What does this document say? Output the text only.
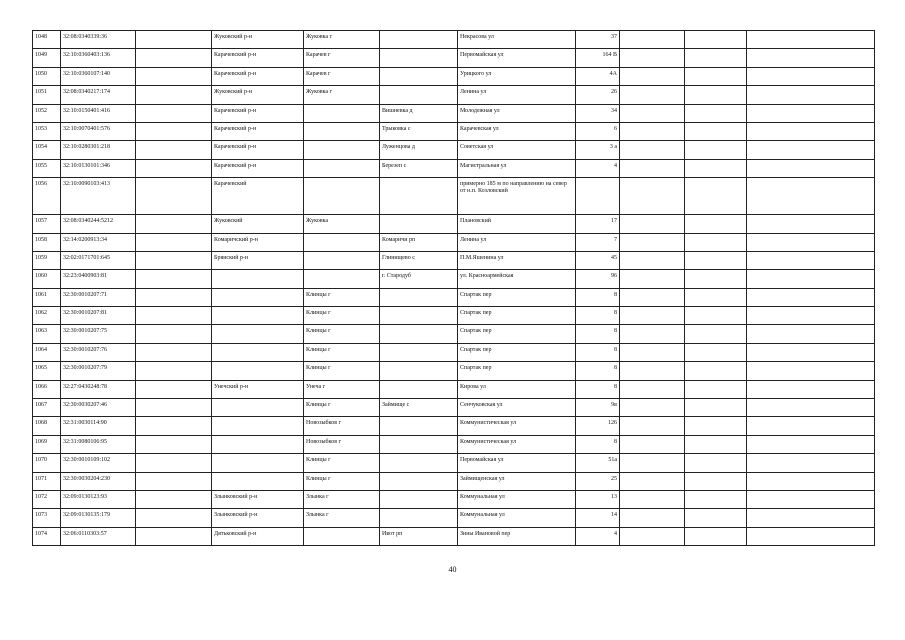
1048	32:08:0340339:36		Жуковский р-н	Жуковка г		Некрасова ул	37			
1049	32:10:0360403:136		Карачевский р-н	Карачев г		Первомайская ул	164 В			
1050	32:10:0360107:140		Карачевский р-н	Карачев г		Урицкого ул	4А			
1051	32:08:0340217:174		Жуковский р-н	Жуковка г		Ленина ул	26			
1052	32:10:0150401:416		Карачевский р-н		Вишневка д	Молодежная ул	34			
1053	32:10:0070401:576		Карачевский р-н		Трыковка с	Карачевская ул	6			
1054	32:10:0280301:218		Карачевский р-н		Луженцова д	Советская ул	3 а			
1055	32:10:0130101:346		Карачевский р-н		Березеп с	Магистральная ул	4			
1056	32:10:0090103:413		Карачевский			примерно 185 м по направлению на север от н.п. Козловский				
1057	32:08:0340244:5212		Жуковский	Жуковка		Плановский	17			
1058	32:14:0200913:34		Комаричский р-н		Комаричи рп	Ленина ул	7			
1059	32:02:0171701:645		Брянский р-н		Глинищево с	П.М.Яшенина ул	45			
1060	32:23:0400903:81				г. Стародуб	ул. Красноармейская	96			
1061	32:30:0010207:71			Клинцы г		Спартак пер	8			
1062	32:30:0010207:81			Клинцы г		Спартак пер	8			
1063	32:30:0010207:75			Клинцы г		Спартак пер	8			
1064	32:30:0010207:76			Клинцы г		Спартак пер	8			
1065	32:30:0010207:79			Клинцы г		Спартак пер	8			
1066	32:27:0430248:78		Унечский р-н	Унеча г		Кирова ул	8			
1067	32:30:0030207:46			Клинцы г	Займище с	Сенчуковская ул	9в			
1068	32:31:0030114:90			Новозыбков г		Коммунистическая ул	126			
1069	32:31:0080106:95			Новозыбков г		Коммунистическая ул	8			
1070	32:30:0010109:102			Клинцы г		Первомайская ул	51а			
1071	32:30:0030204:230			Клинцы г		Займищенская ул	25			
1072	32:09:0130123:93		Злынковский р-н	Злынка г		Коммунальная ул	13			
1073	32:09:0130135:179		Злынковский р-н	Злынка г		Коммунальная ул	14			
1074	32:06:0110303:57		Дятьковский р-н		Ивот рп	Зины Ивановой пер	4			
40
